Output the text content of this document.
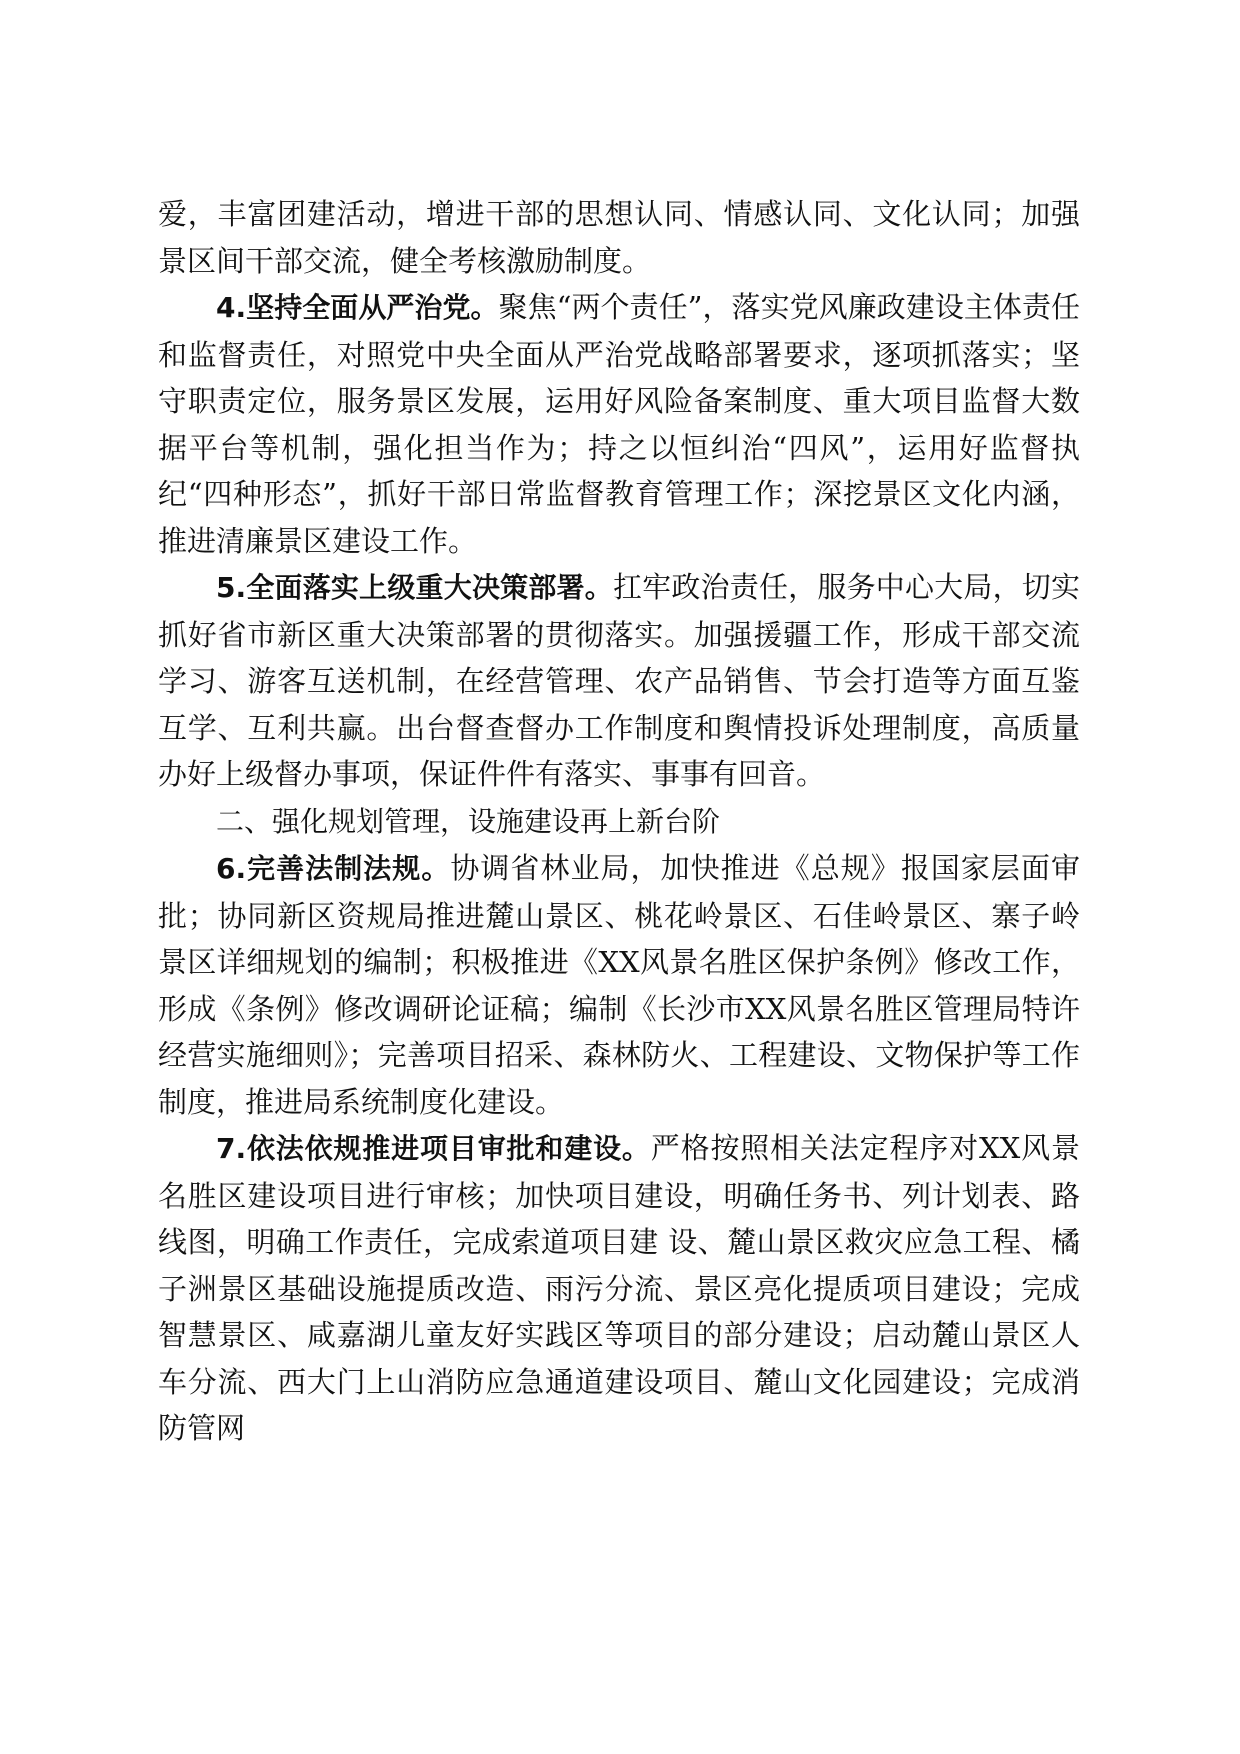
爱，丰富团建活动，增进干部的思想认同、情感认同、文化认同；加强景区间干部交流，健全考核激励制度。

4.坚持全面从严治党。聚焦“两个责任”，落实党风廉政建设主体责任和监督责任，对照党中央全面从严治党战略部署要求，逐项抓落实；坚守职责定位，服务景区发展，运用好风险备案制度、重大项目监督大数据平台等机制，强化担当作为；持之以恒纠治“四风”，运用好监督执纪“四种形态”，抓好干部日常监督教育管理工作；深挖景区文化内涵，推进清廉景区建设工作。

5.全面落实上级重大决策部署。扛牢政治责任，服务中心大局，切实抓好省市新区重大决策部署的贯彻落实。加强援疆工作，形成干部交流学习、游客互送机制，在经营管理、农产品销售、节会打造等方面互鉴互学、互利共赢。出台督查督办工作制度和舆情投诉处理制度，高质量办好上级督办事项，保证件件有落实、事事有回音。

二、强化规划管理，设施建设再上新台阶

6.完善法制法规。协调省林业局，加快推进《总规》报国家层面审批；协同新区资规局推进麓山景区、桃花岭景区、石佳岭景区、寨子岭景区详细规划的编制；积极推进《XX风景名胜区保护条例》修改工作，形成《条例》修改调研论证稿；编制《长沙市XX风景名胜区管理局特许经营实施细则》；完善项目招采、森林防火、工程建设、文物保护等工作制度，推进局系统制度化建设。

7.依法依规推进项目审批和建设。严格按照相关法定程序对XX风景名胜区建设项目进行审核；加快项目建设，明确任务书、列计划表、路线图，明确工作责任，完成索道项目建 设、麓山景区救灾应急工程、橘子洲景区基础设施提质改造、雨污分流、景区亮化提质项目建设；完成智慧景区、咸嘉湖儿童友好实践区等项目的部分建设；启动麓山景区人车分流、西大门上山消防应急通道建设项目、麓山文化园建设；完成消防管网
